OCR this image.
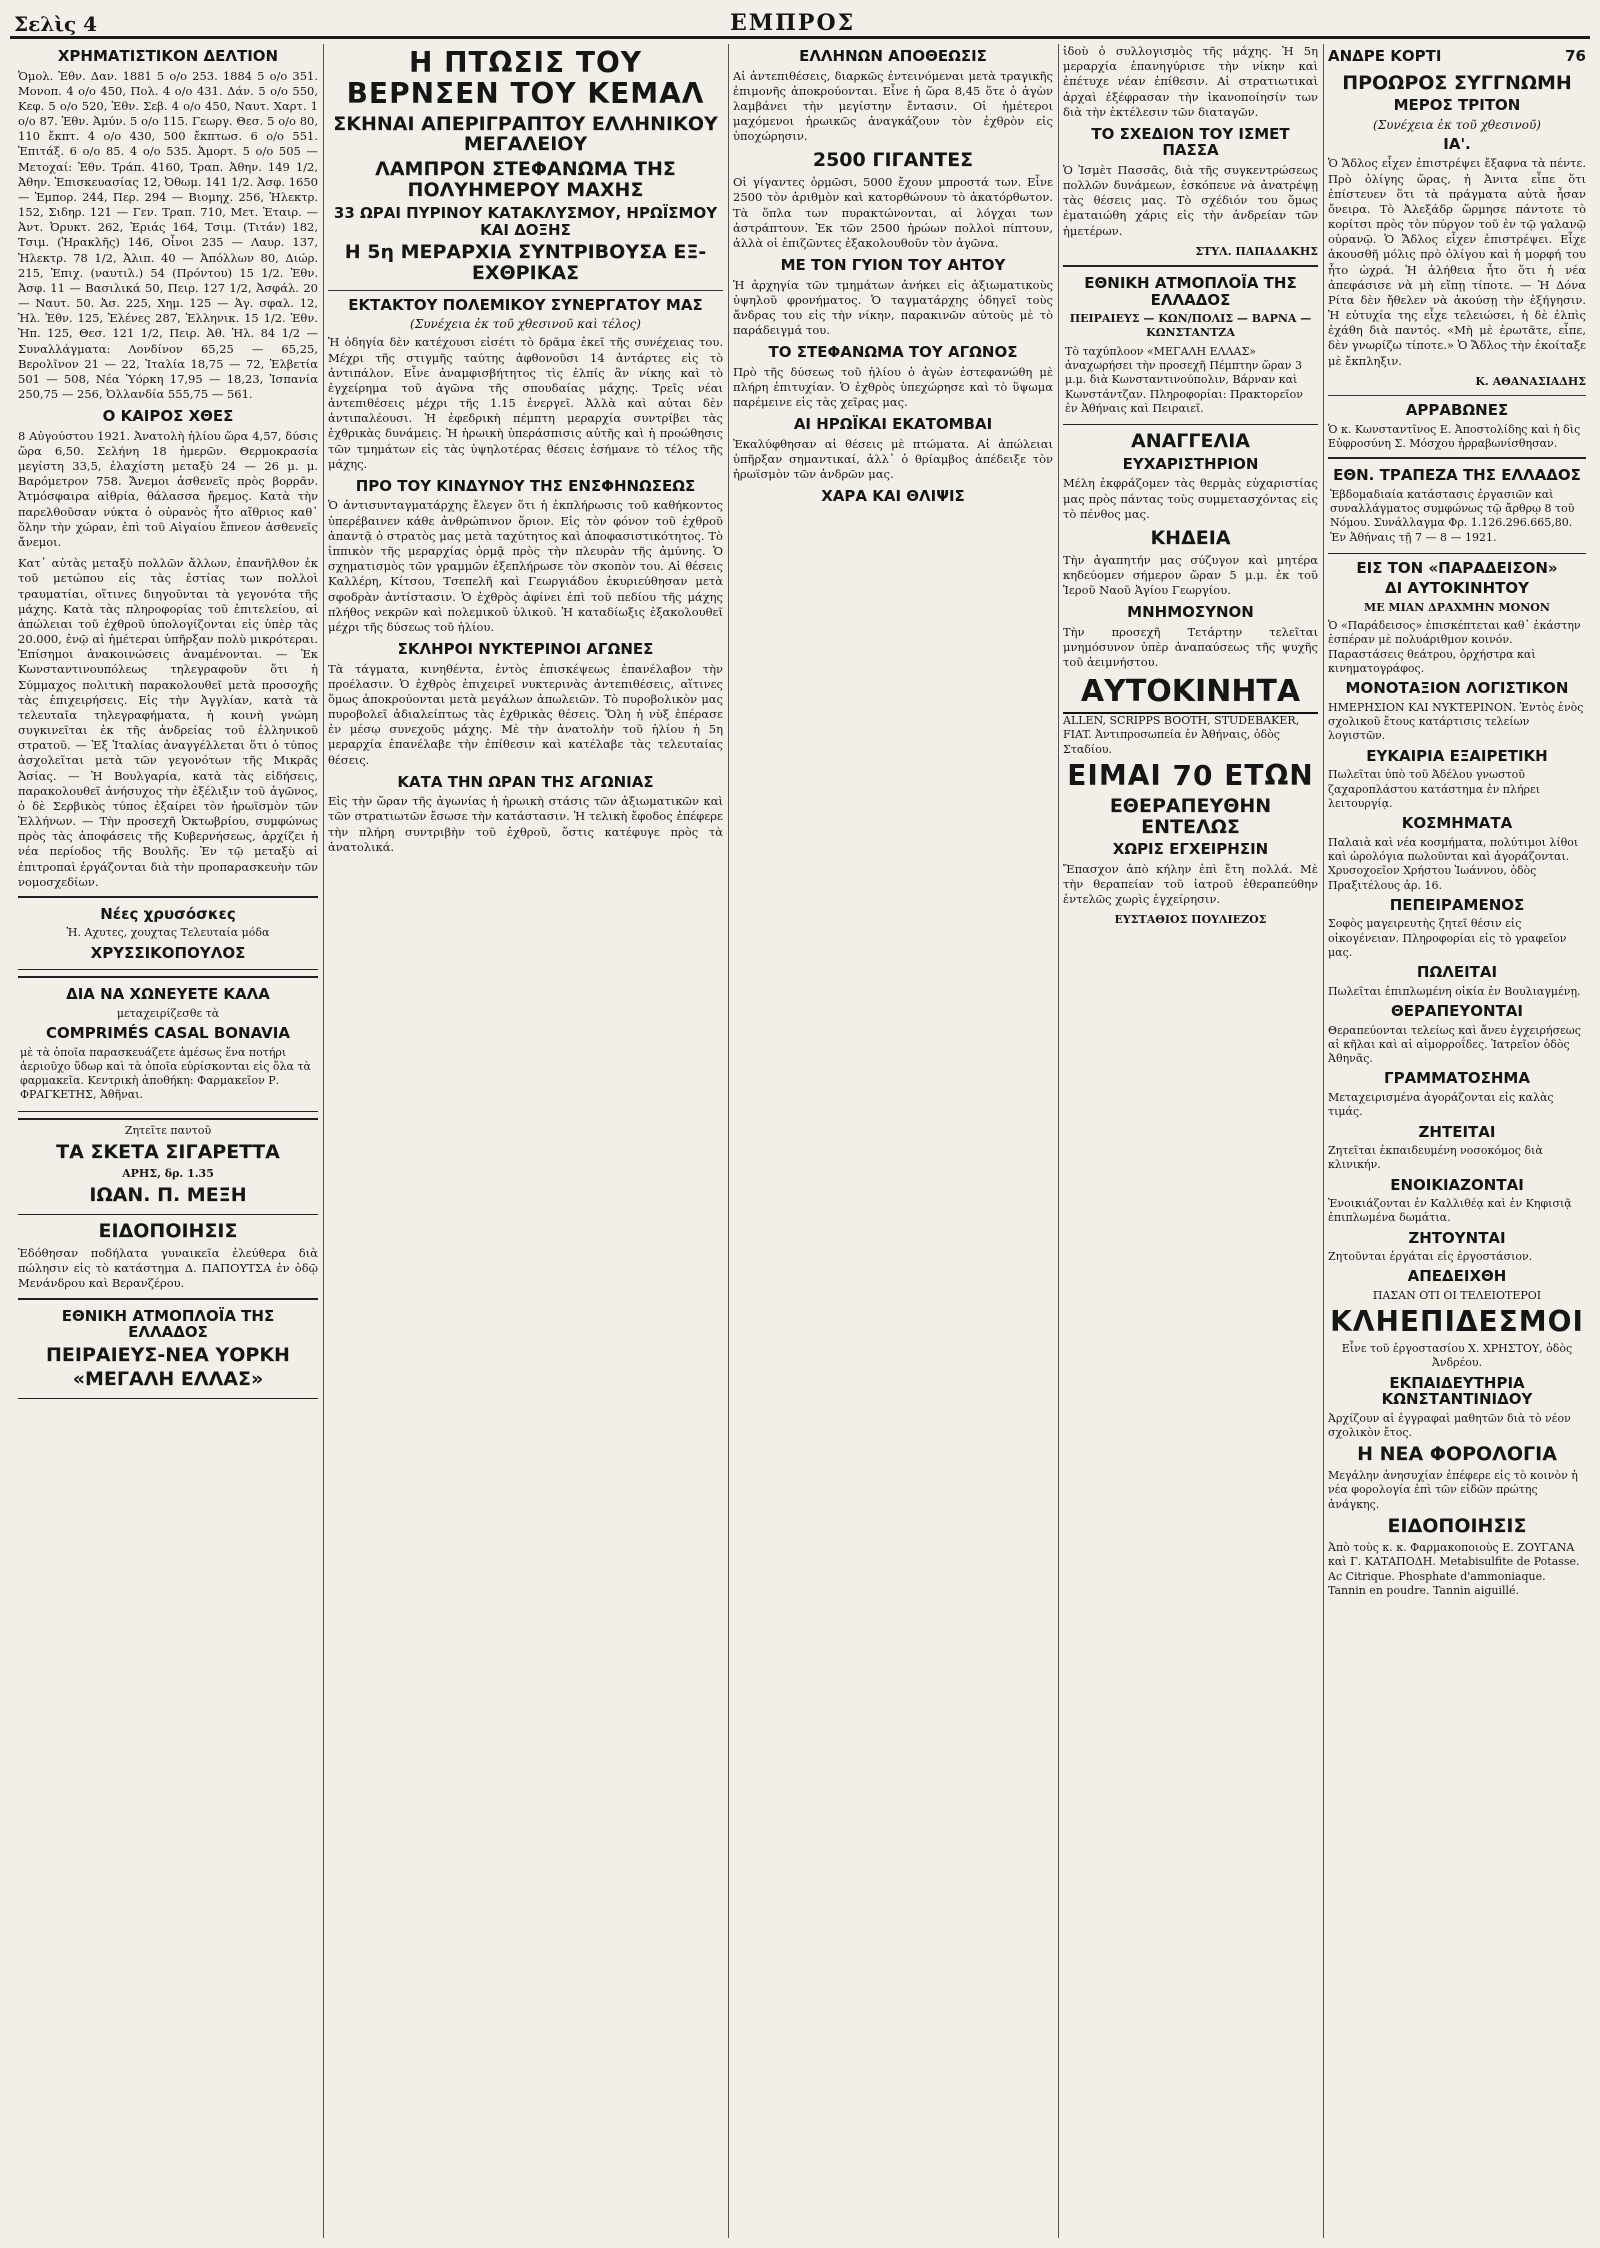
Σελὶς 4	ΕΜΠΡΟΣ
ΧΡΗΜΑΤΙΣΤΙΚΟΝ ΔΕΛΤΙΟΝ

Ὁμολ. Ἐθν. Δαν. 1881 5 ο/ο 253. 1884 5 ο/ο 351. Μονοπ. 4 ο/ο 450, Πολ. 4 ο/ο 431. Δάν. 5 ο/ο 550, Κεφ. 5 ο/ο 520, Ἐθν. Σεβ. 4 ο/ο 450, Ναυτ. Χαρτ. 1 ο/ο 87. Ἐθν. Ἀμύν. 5 ο/ο 115. Γεωργ. Θεσ. 5 ο/ο 80, 110 ἔκπτ. 4 ο/ο 430, 500 ἔκπτωσ. 6 ο/ο 551. Ἐπιτάξ. 6 ο/ο 85. 4 ο/ο 535. Ἀμορτ. 5 ο/ο 505 — Μετοχαί: Ἐθν. Τράπ. 4160, Τραπ. Ἀθην. 149 1/2, Ἀθην. Ἐπισκευασίας 12, Ὀθωμ. 141 1/2. Ἀσφ. 1650 — Ἐμπορ. 244, Περ. 294 — Βιομηχ. 256, Ἠλεκτρ. 152, Σιδηρ. 121 — Γεν. Τραπ. 710, Μετ. Ἑταιρ. — Ἀντ. Ὀρυκτ. 262, Ἐριάς 164, Τσιμ. (Τιτάν) 182, Τσιμ. (Ἠρακλῆς) 146, Οἶνοι 235 — Λαυρ. 137, Ἠλεκτρ. 78 1/2, Ἀλιπ. 40 — Ἀπόλλων 80, Διώρ. 215, Ἐπιχ. (ναυτιλ.) 54 (Πρόντου) 15 1/2. Ἐθν. Ἀσφ. 11 — Βασιλικά 50, Πειρ. 127 1/2, Ἀσφάλ. 20 — Ναυτ. 50. Ἀσ. 225, Χημ. 125 — Ἀγ. σφαλ. 12, Ἠλ. Ἐθν. 125, Ἑλένες 287, Ἐλληνικ. 15 1/2. Ἐθν. Ἠπ. 125, Θεσ. 121 1/2, Πειρ. Ἀθ. Ἠλ. 84 1/2 — Συναλλάγματα: Λονδίνον 65,25 — 65,25, Βερολῖνον 21 — 22, Ἰταλία 18,75 — 72, Ἑλβετία 501 — 508, Νέα Ὑόρκη 17,95 — 18,23, Ἰσπανία 250,75 — 256, Ὀλλανδία 555,75 — 561.

Ο ΚΑΙΡΟΣ ΧΘΕΣ

8 Αὐγούστου 1921. Ἀνατολὴ ἡλίου ὥρα 4,57, δύσις ὥρα 6,50. Σελήνη 18 ἡμερῶν. Θερμοκρασία μεγίστη 33,5, ἐλαχίστη μεταξὺ 24 — 26 μ. μ. Βαρόμετρον 758. Ἄνεμοι ἀσθενεῖς πρὸς βορρᾶν. Ἀτμόσφαιρα αἰθρία, θάλασσα ἤρεμος. Κατὰ τὴν παρελθοῦσαν νύκτα ὁ οὐρανὸς ἦτο αἴθριος καθ᾽ ὅλην τὴν χώραν, ἐπὶ τοῦ Αἰγαίου ἔπνεον ἀσθενεῖς ἄνεμοι.

Κατ᾽ αὐτὰς μεταξὺ πολλῶν ἄλλων, ἐπανῆλθον ἐκ τοῦ μετώπου εἰς τὰς ἐστίας των πολλοὶ τραυματίαι, οἵτινες διηγοῦνται τὰ γεγονότα τῆς μάχης. Κατὰ τὰς πληροφορίας τοῦ ἐπιτελείου, αἱ ἀπώλειαι τοῦ ἐχθροῦ ὑπολογίζονται εἰς ὑπὲρ τὰς 20.000, ἐνῷ αἱ ἡμέτεραι ὑπῆρξαν πολὺ μικρότεραι. Ἐπίσημοι ἀνακοινώσεις ἀναμένονται. — Ἐκ Κωνσταντινουπόλεως τηλεγραφοῦν ὅτι ἡ Σύμμαχος πολιτικὴ παρακολουθεῖ μετὰ προσοχῆς τὰς ἐπιχειρήσεις. Εἰς τὴν Ἀγγλίαν, κατὰ τὰ τελευταῖα τηλεγραφήματα, ἡ κοινὴ γνώμη συγκινεῖται ἐκ τῆς ἀνδρείας τοῦ ἑλληνικοῦ στρατοῦ. — Ἐξ Ἰταλίας ἀναγγέλλεται ὅτι ὁ τύπος ἀσχολεῖται μετὰ τῶν γεγονότων τῆς Μικρᾶς Ἀσίας. — Ἡ Βουλγαρία, κατὰ τὰς εἰδήσεις, παρακολουθεῖ ἀνήσυχος τὴν ἐξέλιξιν τοῦ ἀγῶνος, ὁ δὲ Σερβικὸς τύπος ἐξαίρει τὸν ἡρωϊσμὸν τῶν Ἑλλήνων. — Τὴν προσεχῆ Ὀκτωβρίου, συμφώνως πρὸς τὰς ἀποφάσεις τῆς Κυβερνήσεως, ἀρχίζει ἡ νέα περίοδος τῆς Βουλῆς. Ἐν τῷ μεταξὺ αἱ ἐπιτροπαὶ ἐργάζονται διὰ τὴν προπαρασκευὴν τῶν νομοσχεδίων.

Νέες χρυσόσκες
Ἡ. Αχυτες, χουχτας Τελευταία μόδα
ΧΡΥΣΣΙΚΟΠΟΥΛΟΣ
ΔΙΑ ΝΑ ΧΩΝΕΥΕΤΕ ΚΑΛΑ
μεταχειρίζεσθε τὰ
COMPRIMÉS CASAL BONAVIA

μὲ τὰ ὁποῖα παρασκευάζετε ἀμέσως ἕνα ποτήρι ἀεριοῦχο ὕδωρ καὶ τὰ ὁποῖα εὑρίσκονται εἰς ὅλα τὰ φαρμακεῖα. Κεντρικὴ ἀποθήκη: Φαρμακεῖον Ρ. ΦΡΑΓΚΕΤΗΣ, Ἀθῆναι.

Ζητεῖτε παντοῦ
ΤΑ ΣΚΕΤΑ ΣΙΓΑΡΕΤΤΑ
ΑΡΗΣ, δρ. 1.35
ΙΩΑΝ. Π. ΜΕΞΗ
ΕΙΔΟΠΟΙΗΣΙΣ

Ἐδόθησαν ποδήλατα γυναικεῖα ἐλεύθερα διὰ πώλησιν εἰς τὸ κατάστημα Δ. ΠΑΠΟΥΤΣΑ ἐν ὁδῷ Μενάνδρου καὶ Βερανζέρου.

ΕΘΝΙΚΗ ΑΤΜΟΠΛΟΪΑ ΤΗΣ ΕΛΛΑΔΟΣ
ΠΕΙΡΑΙΕΥΣ-ΝΕΑ ΥΟΡΚΗ
«ΜΕΓΑΛΗ ΕΛΛΑΣ»
Η ΠΤΩΣΙΣ ΤΟΥ ΒΕΡΝΣΕΝ ΤΟΥ ΚΕΜΑΛ
ΣΚΗΝΑΙ ΑΠΕΡΙΓΡΑΠΤΟΥ ΕΛΛΗΝΙΚΟΥ ΜΕΓΑΛΕΙΟΥ
ΛΑΜΠΡΟΝ ΣΤΕΦΑΝΩΜΑ ΤΗΣ ΠΟΛΥΗΜΕΡΟΥ ΜΑΧΗΣ
33 ΩΡΑΙ ΠΥΡΙΝΟΥ ΚΑΤΑΚΛΥΣΜΟΥ, ΗΡΩΪΣΜΟΥ ΚΑΙ ΔΟΞΗΣ
Η 5η ΜΕΡΑΡΧΙΑ ΣΥΝΤΡΙΒΟΥΣΑ ΕΞ-ΕΧΘΡΙΚΑΣ
ΕΚΤΑΚΤΟΥ ΠΟΛΕΜΙΚΟΥ ΣΥΝΕΡΓΑΤΟΥ ΜΑΣ
(Συνέχεια ἐκ τοῦ χθεσινοῦ καὶ τέλος)

Ἡ ὁδηγία δὲν κατέχουσι εἰσέτι τὸ δρᾶμα ἐκεῖ τῆς συνέχειας του. Μέχρι τῆς στιγμῆς ταύτης ἀφθονοῦσι 14 ἀντάρτες εἰς τὸ ἀντιπάλον. Εἶνε ἀναμφισβήτητος τὶς ἐλπίς ἂν νίκης καὶ τὸ ἐγχείρημα τοῦ ἀγῶνα τῆς σπουδαίας μάχης. Τρεῖς νέαι ἀντεπιθέσεις μέχρι τῆς 1.15 ἐνεργεῖ. Ἀλλὰ καὶ αὐται δὲν ἀντιπαλέουσι. Ἡ ἐφεδρικὴ πέμπτη μεραρχία συντρίβει τὰς ἐχθρικὰς δυνάμεις. Ἡ ἡρωικὴ ὑπεράσπισις αὐτῆς καὶ ἡ προώθησις τῶν τμημάτων εἰς τὰς ὑψηλοτέρας θέσεις ἐσήμανε τὸ τέλος τῆς μάχης.

ΠΡΟ ΤΟΥ ΚΙΝΔΥΝΟΥ ΤΗΣ ΕΝΣΦΗΝΩΣΕΩΣ

Ὁ ἀντισυνταγματάρχης ἔλεγεν ὅτι ἡ ἐκπλήρωσις τοῦ καθήκοντος ὑπερέβαινεν κάθε ἀνθρώπινον ὅριον. Εἰς τὸν φόνον τοῦ ἐχθροῦ ἀπαντᾷ ὁ στρατὸς μας μετὰ ταχύτητος καὶ ἀποφασιστικότητος. Τὸ ἱππικὸν τῆς μεραρχίας ὁρμᾷ πρὸς τὴν πλευρὰν τῆς ἀμύνης. Ὁ σχηματισμὸς τῶν γραμμῶν ἐξεπλήρωσε τὸν σκοπὸν του. Αἱ θέσεις Καλλέρη, Κίτσου, Τσεπελῆ καὶ Γεωργιάδου ἐκυριεύθησαν μετὰ σφοδρὰν ἀντίστασιν. Ὁ ἐχθρὸς ἀφίνει ἐπὶ τοῦ πεδίου τῆς μάχης πλήθος νεκρῶν καὶ πολεμικοῦ ὑλικοῦ. Ἡ καταδίωξις ἐξακολουθεῖ μέχρι τῆς δύσεως τοῦ ἡλίου.

ΣΚΛΗΡΟΙ ΝΥΚΤΕΡΙΝΟΙ ΑΓΩΝΕΣ

Τὰ τάγματα, κινηθέντα, ἐντὸς ἐπισκέψεως ἐπανέλαβον τὴν προέλασιν. Ὁ ἐχθρὸς ἐπιχειρεῖ νυκτερινὰς ἀντεπιθέσεις, αἵτινες ὅμως ἀποκρούονται μετὰ μεγάλων ἀπωλειῶν. Τὸ πυροβολικὸν μας πυροβολεῖ ἀδιαλείπτως τὰς ἐχθρικὰς θέσεις. Ὅλη ἡ νὺξ ἐπέρασε ἐν μέσῳ συνεχοῦς μάχης. Μὲ τὴν ἀνατολὴν τοῦ ἡλίου ἡ 5η μεραρχία ἐπανέλαβε τὴν ἐπίθεσιν καὶ κατέλαβε τὰς τελευταίας θέσεις.

ΚΑΤΑ ΤΗΝ ΩΡΑΝ ΤΗΣ ΑΓΩΝΙΑΣ

Εἰς τὴν ὥραν τῆς ἀγωνίας ἡ ἡρωικὴ στάσις τῶν ἀξιωματικῶν καὶ τῶν στρατιωτῶν ἔσωσε τὴν κατάστασιν. Ἡ τελικὴ ἔφοδος ἐπέφερε τὴν πλήρη συντριβὴν τοῦ ἐχθροῦ, ὅστις κατέφυγε πρὸς τὰ ἀνατολικά.

ΕΛΛΗΝΩΝ ΑΠΟΘΕΩΣΙΣ

Αἱ ἀντεπιθέσεις, διαρκῶς ἐντεινόμεναι μετὰ τραγικῆς ἐπιμονῆς ἀποκρούονται. Εἶνε ἡ ὥρα 8,45 ὅτε ὁ ἀγὼν λαμβάνει τὴν μεγίστην ἔντασιν. Οἱ ἡμέτεροι μαχόμενοι ἡρωικῶς ἀναγκάζουν τὸν ἐχθρὸν εἰς ὑποχώρησιν.

2500 ΓΙΓΑΝΤΕΣ

Οἱ γίγαντες ὁρμῶσι, 5000 ἔχουν μπροστά των. Εἶνε 2500 τὸν ἀριθμὸν καὶ κατορθώνουν τὸ ἀκατόρθωτον. Τὰ ὅπλα των πυρακτώνονται, αἱ λόγχαι των ἀστράπτουν. Ἐκ τῶν 2500 ἡρώων πολλοὶ πίπτουν, ἀλλὰ οἱ ἐπιζῶντες ἐξακολουθοῦν τὸν ἀγῶνα.

ΜΕ ΤΟΝ ΓΥΙΟΝ ΤΟΥ ΑΗΤΟΥ

Ἡ ἀρχηγία τῶν τμημάτων ἀνήκει εἰς ἀξιωματικοὺς ὑψηλοῦ φρονήματος. Ὁ ταγματάρχης ὁδηγεῖ τοὺς ἄνδρας του εἰς τὴν νίκην, παρακινῶν αὐτοὺς μὲ τὸ παράδειγμά του.

ΤΟ ΣΤΕΦΑΝΩΜΑ ΤΟΥ ΑΓΩΝΟΣ

Πρὸ τῆς δύσεως τοῦ ἡλίου ὁ ἀγὼν ἐστεφανώθη μὲ πλήρη ἐπιτυχίαν. Ὁ ἐχθρὸς ὑπεχώρησε καὶ τὸ ὕψωμα παρέμεινε εἰς τὰς χεῖρας μας.

ΑΙ ΗΡΩΪΚΑΙ ΕΚΑΤΟΜΒΑΙ

Ἐκαλύφθησαν αἱ θέσεις μὲ πτώματα. Αἱ ἀπώλειαι ὑπῆρξαν σημαντικαί, ἀλλ᾽ ὁ θρίαμβος ἀπέδειξε τὸν ἡρωϊσμὸν τῶν ἀνδρῶν μας.

ΧΑΡΑ ΚΑΙ ΘΛΙΨΙΣ

ἰδοὺ ὁ συλλογισμὸς τῆς μάχης. Ἡ 5η μεραρχία ἐπανηγύρισε τὴν νίκην καὶ ἐπέτυχε νέαν ἐπίθεσιν. Αἱ στρατιωτικαὶ ἀρχαὶ ἐξέφρασαν τὴν ἱκανοποίησίν των διὰ τὴν ἐκτέλεσιν τῶν διαταγῶν.

ΤΟ ΣΧΕΔΙΟΝ ΤΟΥ ΙΣΜΕΤ ΠΑΣΣΑ

Ὁ Ἰσμὲτ Πασσᾶς, διὰ τῆς συγκεντρώσεως πολλῶν δυνάμεων, ἐσκόπευε νὰ ἀνατρέψῃ τὰς θέσεις μας. Τὸ σχέδιόν του ὅμως ἐματαιώθη χάρις εἰς τὴν ἀνδρείαν τῶν ἡμετέρων.

ΣΤΥΛ. ΠΑΠΑΔΑΚΗΣ
ΕΘΝΙΚΗ ΑΤΜΟΠΛΟΪΑ ΤΗΣ ΕΛΛΑΔΟΣ
ΠΕΙΡΑΙΕΥΣ — ΚΩΝ/ΠΟΛΙΣ — ΒΑΡΝΑ — ΚΩΝΣΤΑΝΤΖΑ

Τὸ ταχύπλοον «ΜΕΓΑΛΗ ΕΛΛΑΣ» ἀναχωρήσει τὴν προσεχῆ Πέμπτην ὥραν 3 μ.μ. διὰ Κωνσταντινούπολιν, Βάρναν καὶ Κωνστάντζαν. Πληροφορίαι: Πρακτορεῖον ἐν Ἀθήναις καὶ Πειραιεῖ.

ΑΝΑΓΓΕΛΙΑ
ΕΥΧΑΡΙΣΤΗΡΙΟΝ

Μέλη ἐκφράζομεν τὰς θερμὰς εὐχαριστίας μας πρὸς πάντας τοὺς συμμετασχόντας εἰς τὸ πένθος μας.

ΚΗΔΕΙΑ

Τὴν ἀγαπητήν μας σύζυγον καὶ μητέρα κηδεύομεν σήμερον ὥραν 5 μ.μ. ἐκ τοῦ Ἱεροῦ Ναοῦ Ἁγίου Γεωργίου.

ΜΝΗΜΟΣΥΝΟΝ

Τὴν προσεχῆ Τετάρτην τελεῖται μνημόσυνον ὑπὲρ ἀναπαύσεως τῆς ψυχῆς τοῦ ἀειμνήστου.

ΑΥΤΟΚΙΝΗΤΑ

ALLEN, SCRIPPS BOOTH, STUDEBAKER, FIAT. Ἀντιπροσωπεία ἐν Ἀθήναις, ὁδὸς Σταδίου.

ΕΙΜΑΙ 70 ΕΤΩΝ
ΕΘΕΡΑΠΕΥΘΗΝ ΕΝΤΕΛΩΣ
ΧΩΡΙΣ ΕΓΧΕΙΡΗΣΙΝ

Ἔπασχον ἀπὸ κήλην ἐπὶ ἔτη πολλά. Μὲ τὴν θεραπείαν τοῦ ἰατροῦ ἐθεραπεύθην ἐντελῶς χωρὶς ἐγχείρησιν.

ΕΥΣΤΑΘΙΟΣ ΠΟΥΛΙΕΖΟΣ
ΑΝΔΡΕ ΚΟΡΤΙ	76
ΠΡΟΩΡΟΣ ΣΥΓΓΝΩΜΗ
ΜΕΡΟΣ ΤΡΙΤΟΝ
(Συνέχεια ἐκ τοῦ χθεσινοῦ)
ΙΑ'.

Ὁ Ἄδλος εἶχεν ἐπιστρέψει ἔξαφνα τὰ πέντε. Πρὸ ὀλίγης ὥρας, ἡ Ἀνιτα εἶπε ὅτι ἐπίστευεν ὅτι τὰ πράγματα αὐτὰ ἦσαν ὄνειρα. Τὸ Ἀλεξάδρ ὥρμησε πάντοτε τὸ κορίτσι πρὸς τὸν πύργον τοῦ ἐν τῷ γαλανῷ οὐρανῷ. Ὁ Ἄδλος εἶχεν ἐπιστρέψει. Εἶχε ἀκουσθῆ μόλις πρὸ ὀλίγου καὶ ἡ μορφή του ἦτο ὠχρά. Ἡ ἀλήθεια ἦτο ὅτι ἡ νέα ἀπεφάσισε νὰ μὴ εἴπῃ τίποτε. — Ἡ Δόνα Ρίτα δὲν ἤθελεν νὰ ἀκούσῃ τὴν ἐξήγησιν. Ἡ εὐτυχία της εἶχε τελειώσει, ἡ δὲ ἐλπὶς ἐχάθη διὰ παντός. «Μὴ μὲ ἐρωτᾶτε, εἶπε, δὲν γνωρίζω τίποτε.» Ὁ Ἄδλος τὴν ἐκοίταξε μὲ ἔκπληξιν.

Κ. ΑΘΑΝΑΣΙΑΔΗΣ
ΑΡΡΑΒΩΝΕΣ

Ὁ κ. Κωνσταντῖνος Ε. Ἀποστολίδης καὶ ἡ δὶς Εὐφροσύνη Σ. Μόσχου ἠρραβωνίσθησαν.

ΕΘΝ. ΤΡΑΠΕΖΑ ΤΗΣ ΕΛΛΑΔΟΣ

Ἐβδομαδιαία κατάστασις ἐργασιῶν καὶ συναλλάγματος συμφώνως τῷ ἄρθρῳ 8 τοῦ Νόμου. Συνάλλαγμα Φρ. 1.126.296.665,80. Ἐν Ἀθήναις τῇ 7 — 8 — 1921.

ΕΙΣ ΤΟΝ «ΠΑΡΑΔΕΙΣΟΝ»
ΔΙ ΑΥΤΟΚΙΝΗΤΟΥ
ΜΕ ΜΙΑΝ ΔΡΑΧΜΗΝ ΜΟΝΟΝ

Ὁ «Παράδεισος» ἐπισκέπτεται καθ᾽ ἑκάστην ἑσπέραν μὲ πολυάριθμον κοινόν. Παραστάσεις θεάτρου, ὀρχήστρα καὶ κινηματογράφος.

ΜΟΝΟΤΑΞΙΟΝ ΛΟΓΙΣΤΙΚΟΝ

ΗΜΕΡΗΣΙΟΝ ΚΑΙ ΝΥΚΤΕΡΙΝΟΝ. Ἐντὸς ἑνὸς σχολικοῦ ἔτους κατάρτισις τελείων λογιστῶν.

ΕΥΚΑΙΡΙΑ ΕΞΑΙΡΕΤΙΚΗ

Πωλεῖται ὑπὸ τοῦ Ἀδέλου γνωστοῦ ζαχαροπλάστου κατάστημα ἐν πλήρει λειτουργίᾳ.

ΚΟΣΜΗΜΑΤΑ

Παλαιὰ καὶ νέα κοσμήματα, πολύτιμοι λίθοι καὶ ὡρολόγια πωλοῦνται καὶ ἀγοράζονται. Χρυσοχοεῖον Χρήστου Ἰωάννου, ὁδὸς Πραξιτέλους ἀρ. 16.

ΠΕΠΕΙΡΑΜΕΝΟΣ

Σοφὸς μαγειρευτὴς ζητεῖ θέσιν εἰς οἰκογένειαν. Πληροφορίαι εἰς τὸ γραφεῖον μας.

ΠΩΛΕΙΤΑΙ

Πωλεῖται ἐπιπλωμένη οἰκία ἐν Βουλιαγμένῃ.

ΘΕΡΑΠΕΥΟΝΤΑΙ

Θεραπεύονται τελείως καὶ ἄνευ ἐγχειρήσεως αἱ κῆλαι καὶ αἱ αἱμορροΐδες. Ἰατρεῖον ὁδὸς Ἀθηνᾶς.

ΓΡΑΜΜΑΤΟΣΗΜΑ

Μεταχειρισμένα ἀγοράζονται εἰς καλὰς τιμάς.

ΖΗΤΕΙΤΑΙ

Ζητεῖται ἐκπαιδευμένη νοσοκόμος διὰ κλινικήν.

ΕΝΟΙΚΙΑΖΟΝΤΑΙ

Ἐνοικιάζονται ἐν Καλλιθέᾳ καὶ ἐν Κηφισιᾷ ἐπιπλωμένα δωμάτια.

ΖΗΤΟΥΝΤΑΙ

Ζητοῦνται ἐργάται εἰς ἐργοστάσιον.

ΑΠΕΔΕΙΧΘΗ
ΠΑΣΑΝ ΟΤΙ ΟΙ ΤΕΛΕΙΟΤΕΡΟΙ
ΚΛΗΕΠΙΔΕΣΜΟΙ

Εἶνε τοῦ ἐργοστασίου Χ. ΧΡΗΣΤΟΥ, ὁδὸς Ἀνδρέου.

ΕΚΠΑΙΔΕΥΤΗΡΙΑ ΚΩΝΣΤΑΝΤΙΝΙΔΟΥ

Ἀρχίζουν αἱ ἐγγραφαὶ μαθητῶν διὰ τὸ νέον σχολικὸν ἔτος.

Η ΝΕΑ ΦΟΡΟΛΟΓΙΑ

Μεγάλην ἀνησυχίαν ἐπέφερε εἰς τὸ κοινὸν ἡ νέα φορολογία ἐπὶ τῶν εἰδῶν πρώτης ἀνάγκης.

ΕΙΔΟΠΟΙΗΣΙΣ

Ἀπὸ τοὺς κ. κ. Φαρμακοποιοὺς Ε. ΖΟΥΓΑΝΑ καὶ Γ. ΚΑΤΑΠΟΔΗ. Metabisulfite de Potasse. Ac Citrique. Phosphate d'ammoniaque. Tannin en poudre. Tannin aiguillé.
